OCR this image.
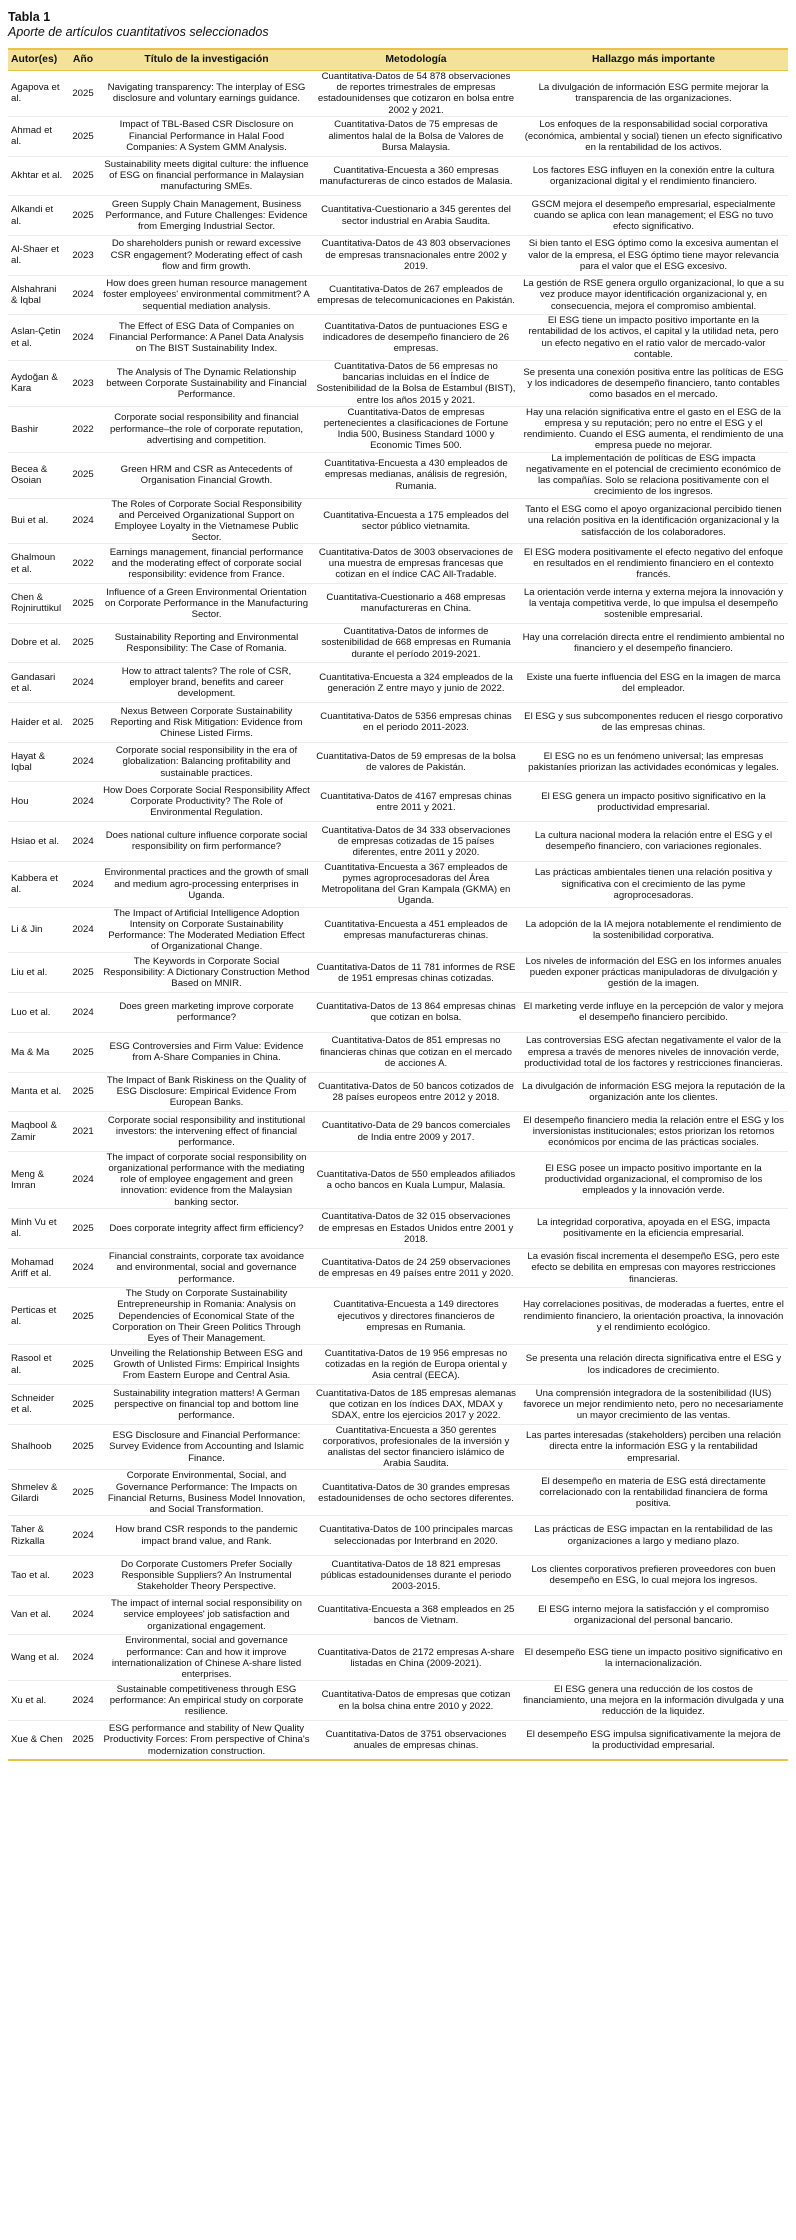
Tabla 1
Aporte de artículos cuantitativos seleccionados
Autor(es)	Año	Título de la investigación	Metodología	Hallazgo más importante
Agapova et al.	2025	Navigating transparency: The interplay of ESG disclosure and voluntary earnings guidance.	Cuantitativa-Datos de 54 878 observaciones de reportes trimestrales de empresas estadounidenses que cotizaron en bolsa entre 2002 y 2021.	La divulgación de información ESG permite mejorar la transparencia de las organizaciones.
Ahmad et al.	2025	Impact of TBL-Based CSR Disclosure on Financial Performance in Halal Food Companies: A System GMM Analysis.	Cuantitativa-Datos de 75 empresas de alimentos halal de la Bolsa de Valores de Bursa Malaysia.	Los enfoques de la responsabilidad social corporativa (económica, ambiental y social) tienen un efecto significativo en la rentabilidad de los activos.
Akhtar et al.	2025	Sustainability meets digital culture: the influence of ESG on financial performance in Malaysian manufacturing SMEs.	Cuantitativa-Encuesta a 360 empresas manufactureras de cinco estados de Malasia.	Los factores ESG influyen en la conexión entre la cultura organizacional digital y el rendimiento financiero.
Alkandi et al.	2025	Green Supply Chain Management, Business Performance, and Future Challenges: Evidence from Emerging Industrial Sector.	Cuantitativa-Cuestionario a 345 gerentes del sector industrial en Arabia Saudita.	GSCM mejora el desempeño empresarial, especialmente cuando se aplica con lean management; el ESG no tuvo efecto significativo.
Al-Shaer et al.	2023	Do shareholders punish or reward excessive CSR engagement? Moderating effect of cash flow and firm growth.	Cuantitativa-Datos de 43 803 observaciones de empresas transnacionales entre 2002 y 2019.	Si bien tanto el ESG óptimo como la excesiva aumentan el valor de la empresa, el ESG óptimo tiene mayor relevancia para el valor que el ESG excesivo.
Alshahrani & Iqbal	2024	How does green human resource management foster employees' environmental commitment? A sequential mediation analysis.	Cuantitativa-Datos de 267 empleados de empresas de telecomunicaciones en Pakistán.	La gestión de RSE genera orgullo organizacional, lo que a su vez produce mayor identificación organizacional y, en consecuencia, mejora el compromiso ambiental.
Aslan-Çetin et al.	2024	The Effect of ESG Data of Companies on Financial Performance: A Panel Data Analysis on The BIST Sustainability Index.	Cuantitativa-Datos de puntuaciones ESG e indicadores de desempeño financiero de 26 empresas.	El ESG tiene un impacto positivo importante en la rentabilidad de los activos, el capital y la utilidad neta, pero un efecto negativo en el ratio valor de mercado-valor contable.
Aydoğan & Kara	2023	The Analysis of The Dynamic Relationship between Corporate Sustainability and Financial Performance.	Cuantitativa-Datos de 56 empresas no bancarias incluidas en el Índice de Sostenibilidad de la Bolsa de Estambul (BIST), entre los años 2015 y 2021.	Se presenta una conexión positiva entre las políticas de ESG y los indicadores de desempeño financiero, tanto contables como basados en el mercado.
Bashir	2022	Corporate social responsibility and financial performance–the role of corporate reputation, advertising and competition.	Cuantitativa-Datos de empresas pertenecientes a clasificaciones de Fortune India 500, Business Standard 1000 y Economic Times 500.	Hay una relación significativa entre el gasto en el ESG de la empresa y su reputación; pero no entre el ESG y el rendimiento. Cuando el ESG aumenta, el rendimiento de una empresa puede no mejorar.
Becea & Osoian	2025	Green HRM and CSR as Antecedents of Organisation Financial Growth.	Cuantitativa-Encuesta a 430 empleados de empresas medianas, análisis de regresión, Rumania.	La implementación de políticas de ESG impacta negativamente en el potencial de crecimiento económico de las compañías. Solo se relaciona positivamente con el crecimiento de los ingresos.
Bui et al.	2024	The Roles of Corporate Social Responsibility and Perceived Organizational Support on Employee Loyalty in the Vietnamese Public Sector.	Cuantitativa-Encuesta a 175 empleados del sector público vietnamita.	Tanto el ESG como el apoyo organizacional percibido tienen una relación positiva en la identificación organizacional y la satisfacción de los colaboradores.
Ghalmoun et al.	2022	Earnings management, financial performance and the moderating effect of corporate social responsibility: evidence from France.	Cuantitativa-Datos de 3003 observaciones de una muestra de empresas francesas que cotizan en el índice CAC All-Tradable.	El ESG modera positivamente el efecto negativo del enfoque en resultados en el rendimiento financiero en el contexto francés.
Chen & Rojniruttikul	2025	Influence of a Green Environmental Orientation on Corporate Performance in the Manufacturing Sector.	Cuantitativa-Cuestionario a 468 empresas manufactureras en China.	La orientación verde interna y externa mejora la innovación y la ventaja competitiva verde, lo que impulsa el desempeño sostenible empresarial.
Dobre et al.	2025	Sustainability Reporting and Environmental Responsibility: The Case of Romania.	Cuantitativa-Datos de informes de sostenibilidad de 668 empresas en Rumania durante el período 2019-2021.	Hay una correlación directa entre el rendimiento ambiental no financiero y el desempeño financiero.
Gandasari et al.	2024	How to attract talents? The role of CSR, employer brand, benefits and career development.	Cuantitativa-Encuesta a 324 empleados de la generación Z entre mayo y junio de 2022.	Existe una fuerte influencia del ESG en la imagen de marca del empleador.
Haider et al.	2025	Nexus Between Corporate Sustainability Reporting and Risk Mitigation: Evidence from Chinese Listed Firms.	Cuantitativa-Datos de 5356 empresas chinas en el periodo 2011-2023.	El ESG y sus subcomponentes reducen el riesgo corporativo de las empresas chinas.
Hayat & Iqbal	2024	Corporate social responsibility in the era of globalization: Balancing profitability and sustainable practices.	Cuantitativa-Datos de 59 empresas de la bolsa de valores de Pakistán.	El ESG no es un fenómeno universal; las empresas pakistaníes priorizan las actividades económicas y legales.
Hou	2024	How Does Corporate Social Responsibility Affect Corporate Productivity? The Role of Environmental Regulation.	Cuantitativa-Datos de 4167 empresas chinas entre 2011 y 2021.	El ESG genera un impacto positivo significativo en la productividad empresarial.
Hsiao et al.	2024	Does national culture influence corporate social responsibility on firm performance?	Cuantitativa-Datos de 34 333 observaciones de empresas cotizadas de 15 países diferentes, entre 2011 y 2020.	La cultura nacional modera la relación entre el ESG y el desempeño financiero, con variaciones regionales.
Kabbera et al.	2024	Environmental practices and the growth of small and medium agro-processing enterprises in Uganda.	Cuantitativa-Encuesta a 367 empleados de pymes agroprocesadoras del Área Metropolitana del Gran Kampala (GKMA) en Uganda.	Las prácticas ambientales tienen una relación positiva y significativa con el crecimiento de las pyme agroprocesadoras.
Li & Jin	2024	The Impact of Artificial Intelligence Adoption Intensity on Corporate Sustainability Performance: The Moderated Mediation Effect of Organizational Change.	Cuantitativa-Encuesta a 451 empleados de empresas manufactureras chinas.	La adopción de la IA mejora notablemente el rendimiento de la sostenibilidad corporativa.
Liu et al.	2025	The Keywords in Corporate Social Responsibility: A Dictionary Construction Method Based on MNIR.	Cuantitativa-Datos de 11 781 informes de RSE de 1951 empresas chinas cotizadas.	Los niveles de información del ESG en los informes anuales pueden exponer prácticas manipuladoras de divulgación y gestión de la imagen.
Luo et al.	2024	Does green marketing improve corporate performance?	Cuantitativa-Datos de 13 864 empresas chinas que cotizan en bolsa.	El marketing verde influye en la percepción de valor y mejora el desempeño financiero percibido.
Ma & Ma	2025	ESG Controversies and Firm Value: Evidence from A-Share Companies in China.	Cuantitativa-Datos de 851 empresas no financieras chinas que cotizan en el mercado de acciones A.	Las controversias ESG afectan negativamente el valor de la empresa a través de menores niveles de innovación verde, productividad total de los factores y restricciones financieras.
Manta et al.	2025	The Impact of Bank Riskiness on the Quality of ESG Disclosure: Empirical Evidence From European Banks.	Cuantitativa-Datos de 50 bancos cotizados de 28 países europeos entre 2012 y 2018.	La divulgación de información ESG mejora la reputación de la organización ante los clientes.
Maqbool & Zamir	2021	Corporate social responsibility and institutional investors: the intervening effect of financial performance.	Cuantitativo-Data de 29 bancos comerciales de India entre 2009 y 2017.	El desempeño financiero media la relación entre el ESG y los inversionistas institucionales; estos priorizan los retornos económicos por encima de las prácticas sociales.
Meng & Imran	2024	The impact of corporate social responsibility on organizational performance with the mediating role of employee engagement and green innovation: evidence from the Malaysian banking sector.	Cuantitativa-Datos de 550 empleados afiliados a ocho bancos en Kuala Lumpur, Malasia.	El ESG posee un impacto positivo importante en la productividad organizacional, el compromiso de los empleados y la innovación verde.
Minh Vu et al.	2025	Does corporate integrity affect firm efficiency?	Cuantitativa-Datos de 32 015 observaciones de empresas en Estados Unidos entre 2001 y 2018.	La integridad corporativa, apoyada en el ESG, impacta positivamente en la eficiencia empresarial.
Mohamad Ariff et al.	2024	Financial constraints, corporate tax avoidance and environmental, social and governance performance.	Cuantitativa-Datos de 24 259 observaciones de empresas en 49 países entre 2011 y 2020.	La evasión fiscal incrementa el desempeño ESG, pero este efecto se debilita en empresas con mayores restricciones financieras.
Perticas et al.	2025	The Study on Corporate Sustainability Entrepreneurship in Romania: Analysis on Dependencies of Economical State of the Corporation on Their Green Politics Through Eyes of Their Management.	Cuantitativa-Encuesta a 149 directores ejecutivos y directores financieros de empresas en Rumania.	Hay correlaciones positivas, de moderadas a fuertes, entre el rendimiento financiero, la orientación proactiva, la innovación y el rendimiento ecológico.
Rasool et al.	2025	Unveiling the Relationship Between ESG and Growth of Unlisted Firms: Empirical Insights From Eastern Europe and Central Asia.	Cuantitativa-Datos de 19 956 empresas no cotizadas en la región de Europa oriental y Asia central (EECA).	Se presenta una relación directa significativa entre el ESG y los indicadores de crecimiento.
Schneider et al.	2025	Sustainability integration matters! A German perspective on financial top and bottom line performance.	Cuantitativa-Datos de 185 empresas alemanas que cotizan en los índices DAX, MDAX y SDAX, entre los ejercicios 2017 y 2022.	Una comprensión integradora de la sostenibilidad (IUS) favorece un mejor rendimiento neto, pero no necesariamente un mayor crecimiento de las ventas.
Shalhoob	2025	ESG Disclosure and Financial Performance: Survey Evidence from Accounting and Islamic Finance.	Cuantitativa-Encuesta a 350 gerentes corporativos, profesionales de la inversión y analistas del sector financiero islámico de Arabia Saudita.	Las partes interesadas (stakeholders) perciben una relación directa entre la información ESG y la rentabilidad empresarial.
Shmelev & Gilardi	2025	Corporate Environmental, Social, and Governance Performance: The Impacts on Financial Returns, Business Model Innovation, and Social Transformation.	Cuantitativa-Datos de 30 grandes empresas estadounidenses de ocho sectores diferentes.	El desempeño en materia de ESG está directamente correlacionado con la rentabilidad financiera de forma positiva.
Taher & Rizkalla	2024	How brand CSR responds to the pandemic impact brand value, and Rank.	Cuantitativa-Datos de 100 principales marcas seleccionadas por Interbrand en 2020.	Las prácticas de ESG impactan en la rentabilidad de las organizaciones a largo y mediano plazo.
Tao et al.	2023	Do Corporate Customers Prefer Socially Responsible Suppliers? An Instrumental Stakeholder Theory Perspective.	Cuantitativa-Datos de 18 821 empresas públicas estadounidenses durante el periodo 2003-2015.	Los clientes corporativos prefieren proveedores con buen desempeño en ESG, lo cual mejora los ingresos.
Van et al.	2024	The impact of internal social responsibility on service employees' job satisfaction and organizational engagement.	Cuantitativa-Encuesta a 368 empleados en 25 bancos de Vietnam.	El ESG interno mejora la satisfacción y el compromiso organizacional del personal bancario.
Wang et al.	2024	Environmental, social and governance performance: Can and how it improve internationalization of Chinese A-share listed enterprises.	Cuantitativa-Datos de 2172 empresas A-share listadas en China (2009-2021).	El desempeño ESG tiene un impacto positivo significativo en la internacionalización.
Xu et al.	2024	Sustainable competitiveness through ESG performance: An empirical study on corporate resilience.	Cuantitativa-Datos de empresas que cotizan en la bolsa china entre 2010 y 2022.	El ESG genera una reducción de los costos de financiamiento, una mejora en la información divulgada y una reducción de la liquidez.
Xue & Chen	2025	ESG performance and stability of New Quality Productivity Forces: From perspective of China's modernization construction.	Cuantitativa-Datos de 3751 observaciones anuales de empresas chinas.	El desempeño ESG impulsa significativamente la mejora de la productividad empresarial.
